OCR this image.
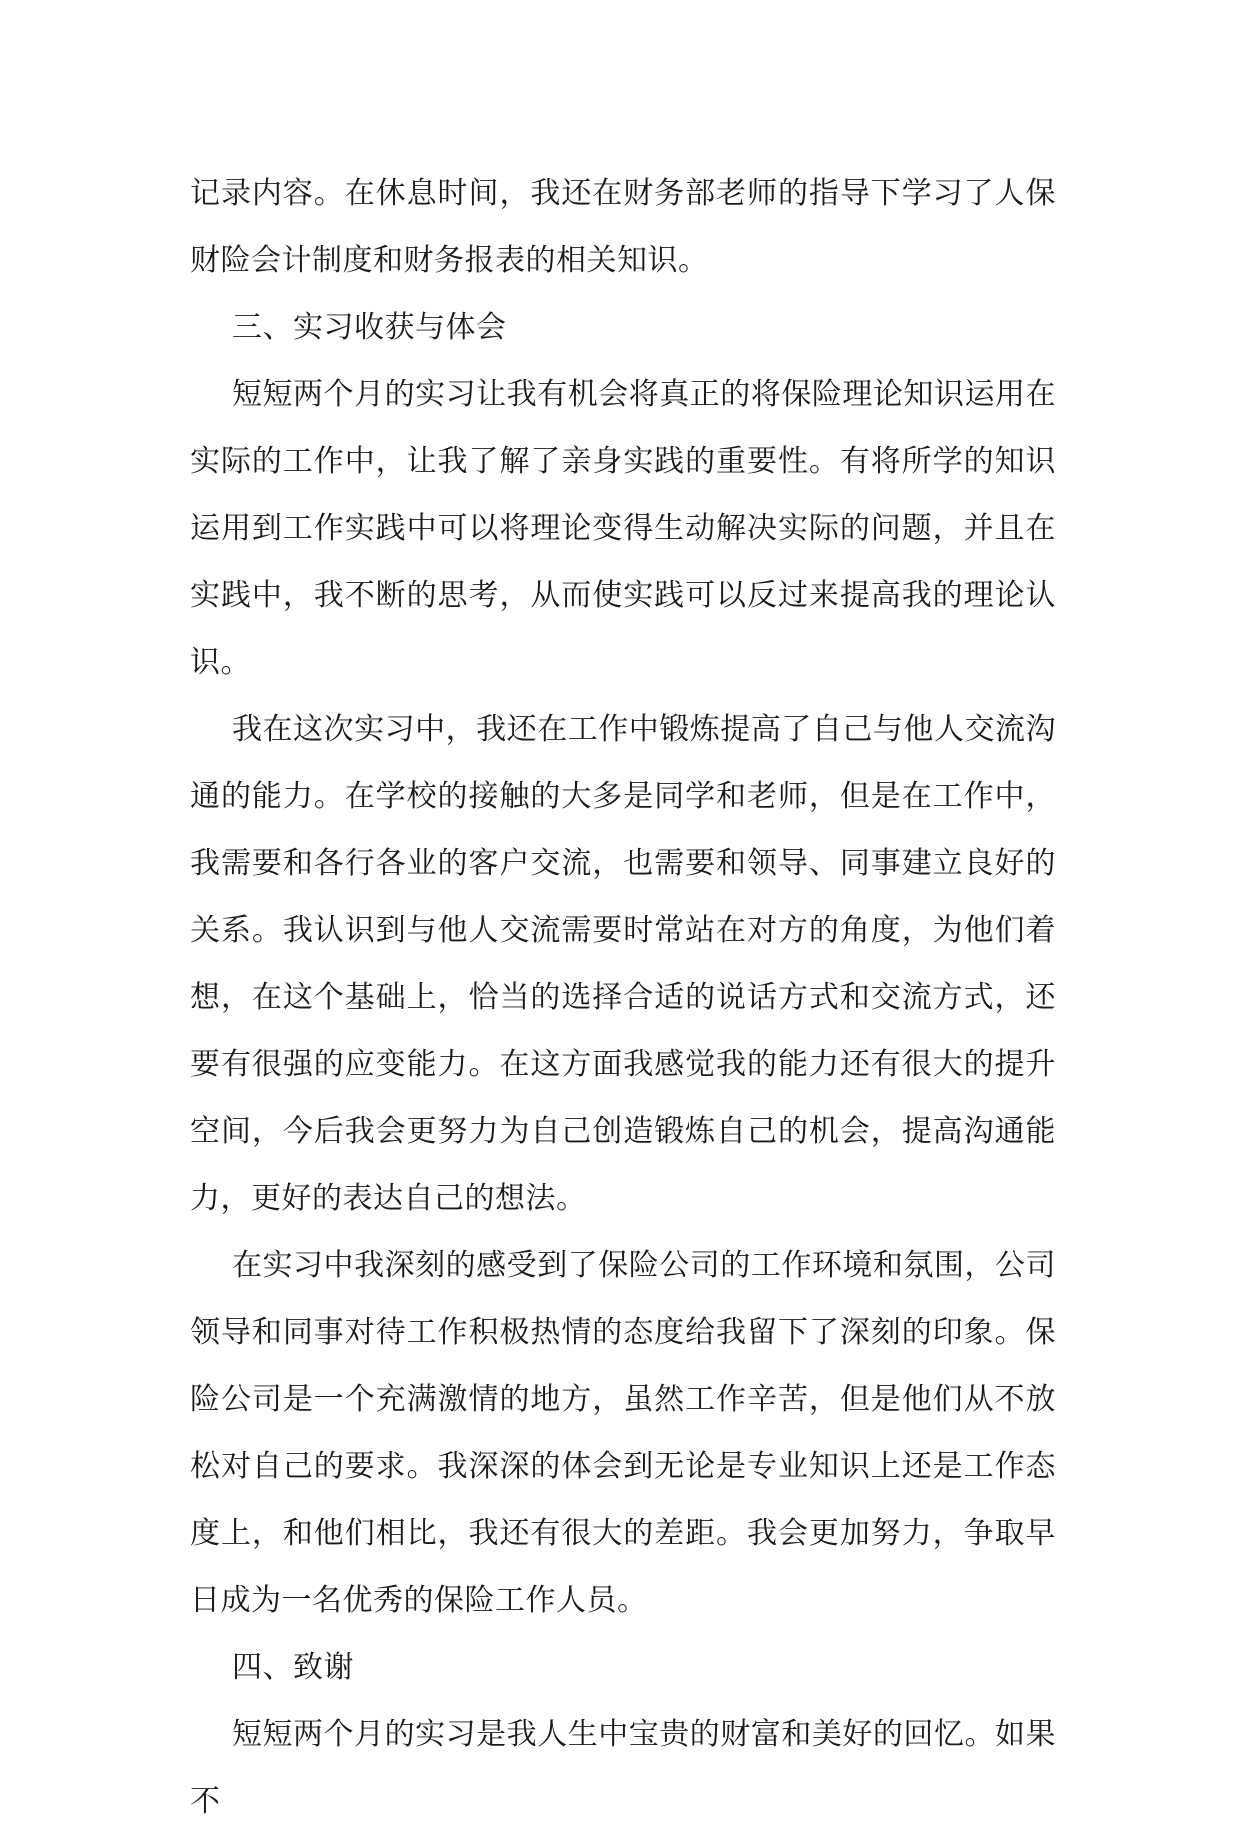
记录内容。在休息时间，我还在财务部老师的指导下学习了人保财险会计制度和财务报表的相关知识。

三、实习收获与体会

短短两个月的实习让我有机会将真正的将保险理论知识运用在实际的工作中，让我了解了亲身实践的重要性。有将所学的知识运用到工作实践中可以将理论变得生动解决实际的问题，并且在实践中，我不断的思考，从而使实践可以反过来提高我的理论认识。

我在这次实习中，我还在工作中锻炼提高了自己与他人交流沟通的能力。在学校的接触的大多是同学和老师，但是在工作中，我需要和各行各业的客户交流，也需要和领导、同事建立良好的关系。我认识到与他人交流需要时常站在对方的角度，为他们着想，在这个基础上，恰当的选择合适的说话方式和交流方式，还要有很强的应变能力。在这方面我感觉我的能力还有很大的提升空间，今后我会更努力为自己创造锻炼自己的机会，提高沟通能力，更好的表达自己的想法。

在实习中我深刻的感受到了保险公司的工作环境和氛围，公司领导和同事对待工作积极热情的态度给我留下了深刻的印象。保险公司是一个充满激情的地方，虽然工作辛苦，但是他们从不放松对自己的要求。我深深的体会到无论是专业知识上还是工作态度上，和他们相比，我还有很大的差距。我会更加努力，争取早日成为一名优秀的保险工作人员。

四、致谢

短短两个月的实习是我人生中宝贵的财富和美好的回忆。如果不
